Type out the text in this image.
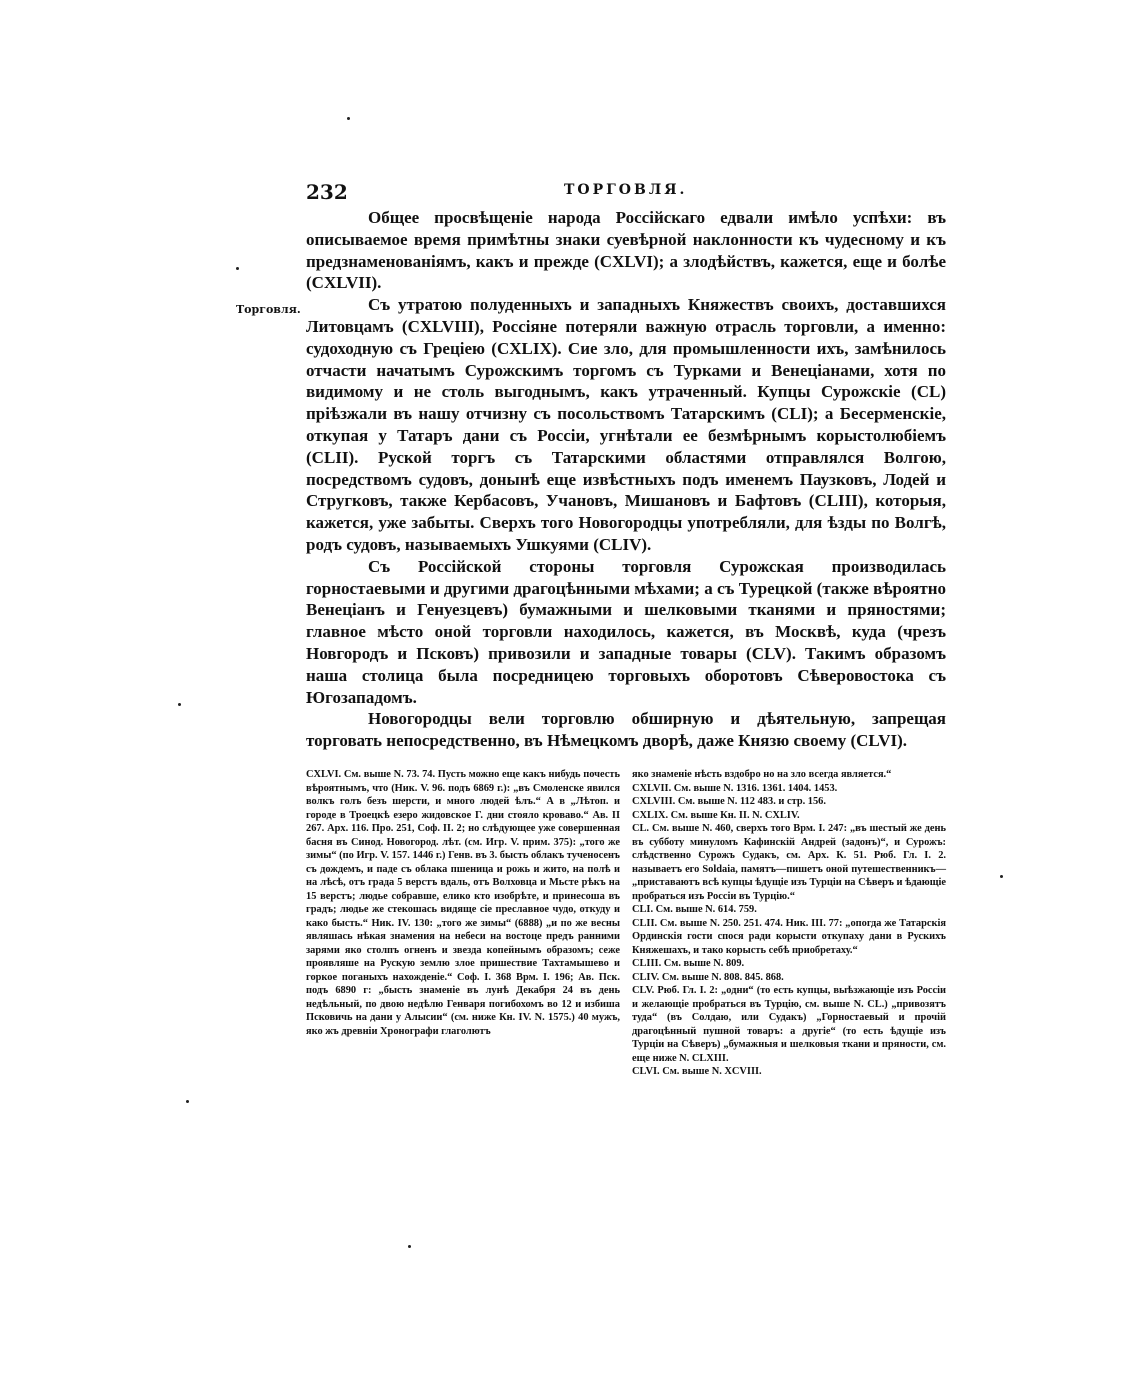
232	ТОРГОВЛЯ.
Торговля.

Общее просвѣщеніе народа Россійскаго едвали имѣло успѣхи: въ описываемое время примѣтны знаки суевѣрной наклонности къ чудесному и къ предзнаменованіямъ, какъ и прежде (CXLVI); а злодѣйствъ, кажется, еще и болѣе (CXLVII).

Съ утратою полуденныхъ и западныхъ Княжествъ своихъ, доставшихся Литовцамъ (CXLVIII), Россіяне потеряли важную отрасль торговли, а именно: судоходную съ Греціею (CXLIX). Сие зло, для промышленности ихъ, замѣнилось отчасти начатымъ Сурожскимъ торгомъ съ Турками и Венеціанами, хотя по видимому и не столь выгоднымъ, какъ утраченный. Купцы Сурожскіе (CL) пріѣзжали въ нашу отчизну съ посольствомъ Татарскимъ (CLI); а Бесерменскіе, откупая у Татаръ дани съ Россіи, угнѣтали ее безмѣрнымъ корыстолюбіемъ (CLII). Руской торгъ съ Татарскими областями отправлялся Волгою, посредствомъ судовъ, донынѣ еще извѣстныхъ подъ именемъ Паузковъ, Лодей и Стругковъ, также Кербасовъ, Учановъ, Мишановъ и Бафтовъ (CLIII), которыя, кажется, уже забыты. Сверхъ того Новогородцы употребляли, для ѣзды по Волгѣ, родъ судовъ, называемыхъ Ушкуями (CLIV).

Съ Россійской стороны торговля Сурожская производилась горностаевыми и другими драгоцѣнными мѣхами; а съ Турецкой (также вѣроятно Венеціанъ и Генуезцевъ) бумажными и шелковыми тканями и пряностями; главное мѣсто оной торговли находилось, кажется, въ Москвѣ, куда (чрезъ Новгородъ и Псковъ) привозили и западные товары (CLV). Такимъ образомъ наша столица была посредницею торговыхъ оборотовъ Сѣверовостока съ Югозападомъ.

Новогородцы вели торговлю обширную и дѣятельную, запрещая торговать непосредственно, въ Нѣмецкомъ дворѣ, даже Князю своему (CLVI).

CXLVI. См. выше N. 73. 74. Пусть можно еще какъ нибудь почесть вѣроятнымъ, что (Ник. V. 96. подъ 6869 г.): „въ Смоленске явился волкъ голъ безъ шерсти, и много людей ѣлъ.“ А в „Лѣтоп. и городе в Троецкѣ езеро жидовское Г. дни стояло кроваво.“ Ав. II 267. Арх. 116. Про. 251, Соф. II. 2; но слѣдующее уже совершенная басня въ Синод. Новогород. лѣт. (см. Игр. V. прим. 375): „того же зимы“ (по Игр. V. 157. 1446 г.) Генв. въ 3. бысть облакъ тученосенъ съ дождемъ, и паде съ облака пшеница и рожь и жито, на полѣ и на лѣсѣ, отъ града 5 верстъ вдаль, отъ Волховца и Мьсте рѣкъ на 15 верстъ; людье собравше, елико кто изобрѣте, и принесоша въ градъ; людье же стекошась видяще сіе преславное чудо, откуду и како бысть.“ Ник. IV. 130: „того же зимы“ (6888) „и по же весны являшась нѣкая знамения на небеси на востоце предъ ранними зарями яко столпъ огненъ и звезда копейнымъ образомъ; сеже проявляше на Рускую землю злое пришествие Тахтамышево и горкое поганыхъ нахожденіе.“ Соф. I. 368 Врм. I. 196; Ав. Пск. подъ 6890 г: „бысть знаменіе въ лунѣ Декабря 24 въ день недѣльный, по двою недѣлю Генваря погибохомъ во 12 и избиша Псковичь на дани у Алысии“ (см. ниже Кн. IV. N. 1575.) 40 мужъ, яко жъ древнiи Хронографи глаголютъ
яко знаменіе нѣсть вздобро но на зло всегда является.“
CXLVII. См. выше N. 1316. 1361. 1404. 1453.
CXLVIII. См. выше N. 112 483. и стр. 156.
CXLIX. См. выше Кн. II. N. CXLIV.
CL. См. выше N. 460, сверхъ того Врм. I. 247: „въ шестый же день въ субботу минуломъ Кафинскій Андрей (задонъ)“, и Сурожъ: слѣдственно Сурожъ Судакъ, см. Арх. К. 51. Рюб. Гл. I. 2. называетъ его Soldaia, памятъ—пишетъ оной путешественникъ—„приставаютъ всѣ купцы ѣдущіе изъ Турціи на Сѣверъ и ѣдающіе пробраться изъ Россіи въ Турцію.“
CLI. См. выше N. 614. 759.
CLII. См. выше N. 250. 251. 474. Ник. III. 77: „опогда же Татарскія Ординскія гости спося ради корысти откупаху дани в Рускихъ Княжешахъ, и тако корысть себѣ приобретаху.“
CLIII. См. выше N. 809.
CLIV. См. выше N. 808. 845. 868.
CLV. Рюб. Гл. I. 2: „одни“ (то есть купцы, выѣзжающіе изъ Россіи и желающіе пробраться въ Турцію, см. выше N. CL.) „привозятъ туда“ (въ Солдаю, или Судакъ) „Горностаевый и прочій драгоцѣнный пушной товаръ: а другіе“ (то есть ѣдущіе изъ Турціи на Сѣверъ) „бумажныя и шелковыя ткани и пряности, см. еще ниже N. CLXIII.
CLVI. См. выше N. XCVIII.
